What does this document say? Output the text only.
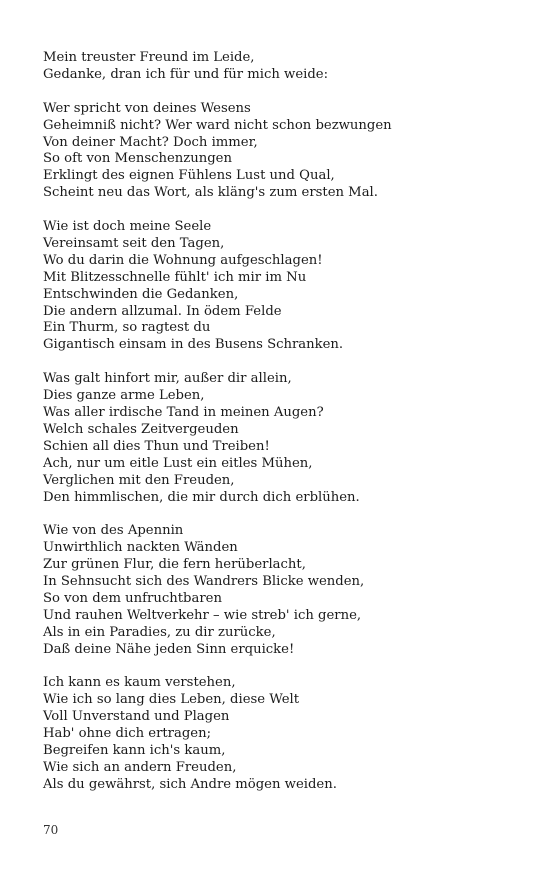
Mein treuster Freund im Leide,
Gedanke, dran ich für und für mich weide:
Wer spricht von deines Wesens
Geheimniß nicht? Wer ward nicht schon bezwungen
Von deiner Macht? Doch immer,
So oft von Menschenzungen
Erklingt des eignen Fühlens Lust und Qual,
Scheint neu das Wort, als kläng's zum ersten Mal.
Wie ist doch meine Seele
Vereinsamt seit den Tagen,
Wo du darin die Wohnung aufgeschlagen!
Mit Blitzesschnelle fühlt' ich mir im Nu
Entschwinden die Gedanken,
Die andern allzumal. In ödem Felde
Ein Thurm, so ragtest du
Gigantisch einsam in des Busens Schranken.
Was galt hinfort mir, außer dir allein,
Dies ganze arme Leben,
Was aller irdische Tand in meinen Augen?
Welch schales Zeitvergeuden
Schien all dies Thun und Treiben!
Ach, nur um eitle Lust ein eitles Mühen,
Verglichen mit den Freuden,
Den himmlischen, die mir durch dich erblühen.
Wie von des Apennin
Unwirthlich nackten Wänden
Zur grünen Flur, die fern herüberlacht,
In Sehnsucht sich des Wandrers Blicke wenden,
So von dem unfruchtbaren
Und rauhen Weltverkehr – wie streb' ich gerne,
Als in ein Paradies, zu dir zurücke,
Daß deine Nähe jeden Sinn erquicke!
Ich kann es kaum verstehen,
Wie ich so lang dies Leben, diese Welt
Voll Unverstand und Plagen
Hab' ohne dich ertragen;
Begreifen kann ich's kaum,
Wie sich an andern Freuden,
Als du gewährst, sich Andre mögen weiden.
70
